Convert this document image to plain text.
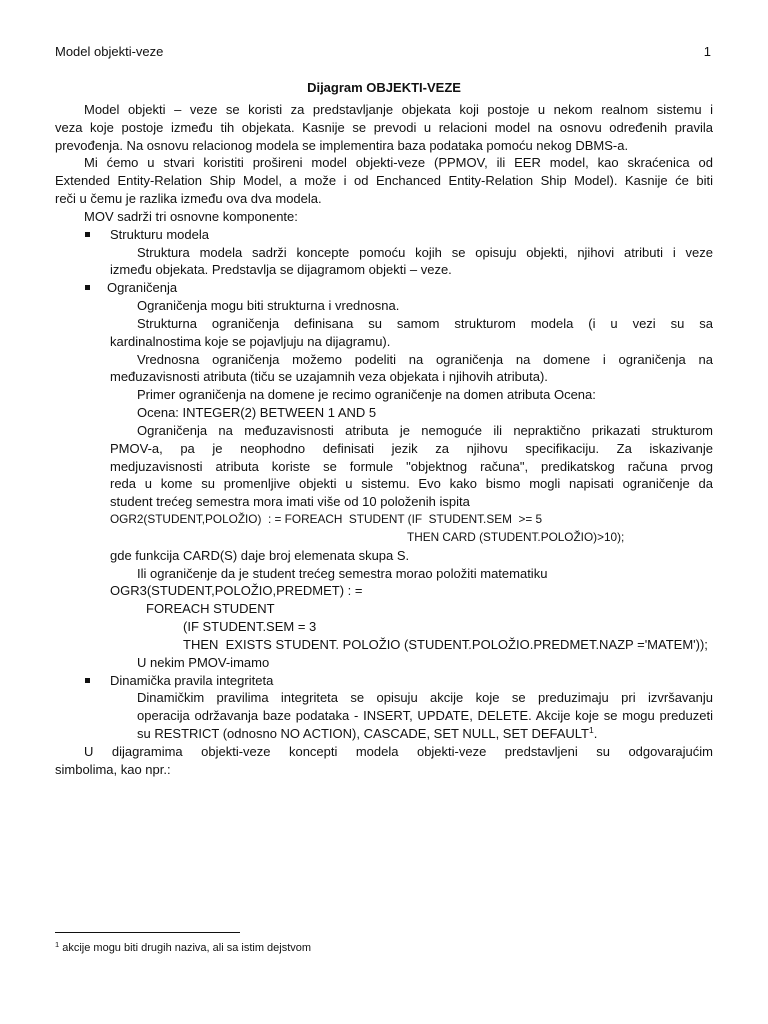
Model objekti-veze	1
Dijagram OBJEKTI-VEZE
Model objekti – veze se koristi za predstavljanje objekata koji postoje u nekom realnom sistemu i
veza koje postoje između tih objekata. Kasnije se prevodi u relacioni model na osnovu određenih pravila
prevođenja. Na osnovu relacionog modela se implementira baza podataka pomoću nekog DBMS-a.
Mi ćemo u stvari koristiti prošireni model objekti-veze (PPMOV, ili EER model, kao skraćenica od
Extended Entity-Relation Ship Model, a može i od Enchanced Entity-Relation Ship Model). Kasnije će biti
reči u čemu je razlika između ova dva modela.
MOV sadrži tri osnovne komponente:
Strukturu modela
Struktura modela sadrži koncepte pomoću kojih se opisuju objekti, njihovi atributi i veze
između objekata. Predstavlja se dijagramom objekti – veze.
Ograničenja
Ograničenja mogu biti strukturna i vrednosna.
Strukturna ograničenja definisana su samom strukturom modela (i u vezi su sa
kardinalnostima koje se pojavljuju na dijagramu).
Vrednosna ograničenja možemo podeliti na ograničenja na domene i ograničenja na
međuzavisnosti atributa (tiču se uzajamnih veza objekata i njihovih atributa).
Primer ograničenja na domene je recimo ograničenje na domen atributa Ocena:
Ocena: INTEGER(2) BETWEEN 1 AND 5
Ograničenja na međuzavisnosti atributa je nemoguće ili nepraktično prikazati strukturom
PMOV-a, pa je neophodno definisati jezik za njihovu specifikaciju. Za iskazivanje
medjuzavisnosti atributa koriste se formule "objektnog računa", predikatskog računa prvog
reda u kome su promenljive objekti u sistemu. Evo kako bismo mogli napisati ograničenje da
student trećeg semestra mora imati više od 10 položenih ispita
OGR2(STUDENT,POLOŽIO)  : = FOREACH  STUDENT (IF  STUDENT.SEM  >= 5
THEN CARD (STUDENT.POLOŽIO)>10);
gde funkcija CARD(S) daje broj elemenata skupa S.
Ili ograničenje da je student trećeg semestra morao položiti matematiku
OGR3(STUDENT,POLOŽIO,PREDMET) : =
FOREACH STUDENT
(IF STUDENT.SEM = 3
THEN  EXISTS STUDENT. POLOŽIO (STUDENT.POLOŽIO.PREDMET.NAZP ='MATEM'));
U nekim PMOV-imamo
Dinamička pravila integriteta
Dinamičkim pravilima integriteta se opisuju akcije koje se preduzimaju pri izvršavanju
operacija održavanja baze podataka - INSERT, UPDATE, DELETE. Akcije koje se mogu preduzeti
su RESTRICT (odnosno NO ACTION), CASCADE, SET NULL, SET DEFAULT$^1$.
U dijagramima objekti-veze koncepti modela objekti-veze predstavljeni su odgovarajućim
simbolima, kao npr.:
$^1$ akcije mogu biti drugih naziva, ali sa istim dejstvom
